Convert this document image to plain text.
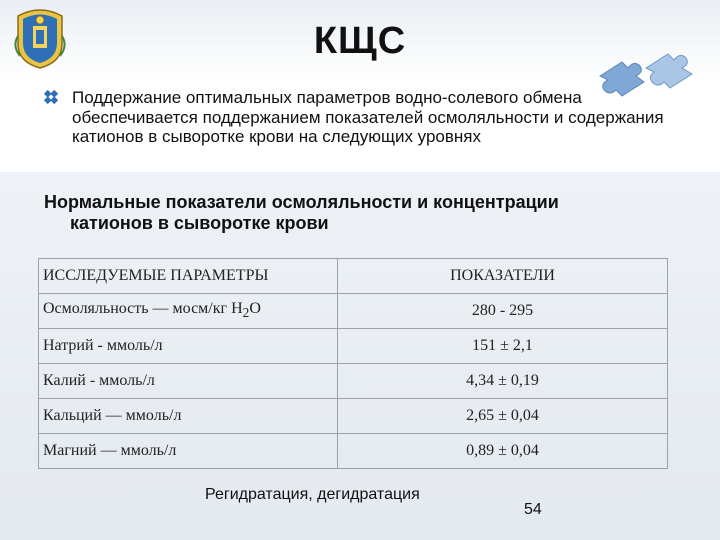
КЩС
Поддержание оптимальных параметров водно-солевого обмена обеспечивается поддержанием показателей осмоляльности и содержания катионов в сыворотке крови на следующих уровнях
Нормальные показатели осмоляльности и концентрации
катионов в сыворотке крови
ИССЛЕДУЕМЫЕ ПАРАМЕТРЫ	ПОКАЗАТЕЛИ
Осмоляльность — мосм/кг $Н_2О$	280 - 295
Натрий - ммоль/л	151 ± 2,1
Калий - ммоль/л	4,34 ± 0,19
Кальций — ммоль/л	2,65 ± 0,04
Магний — ммоль/л	0,89 ± 0,04
Регидратация, дегидратация
54
